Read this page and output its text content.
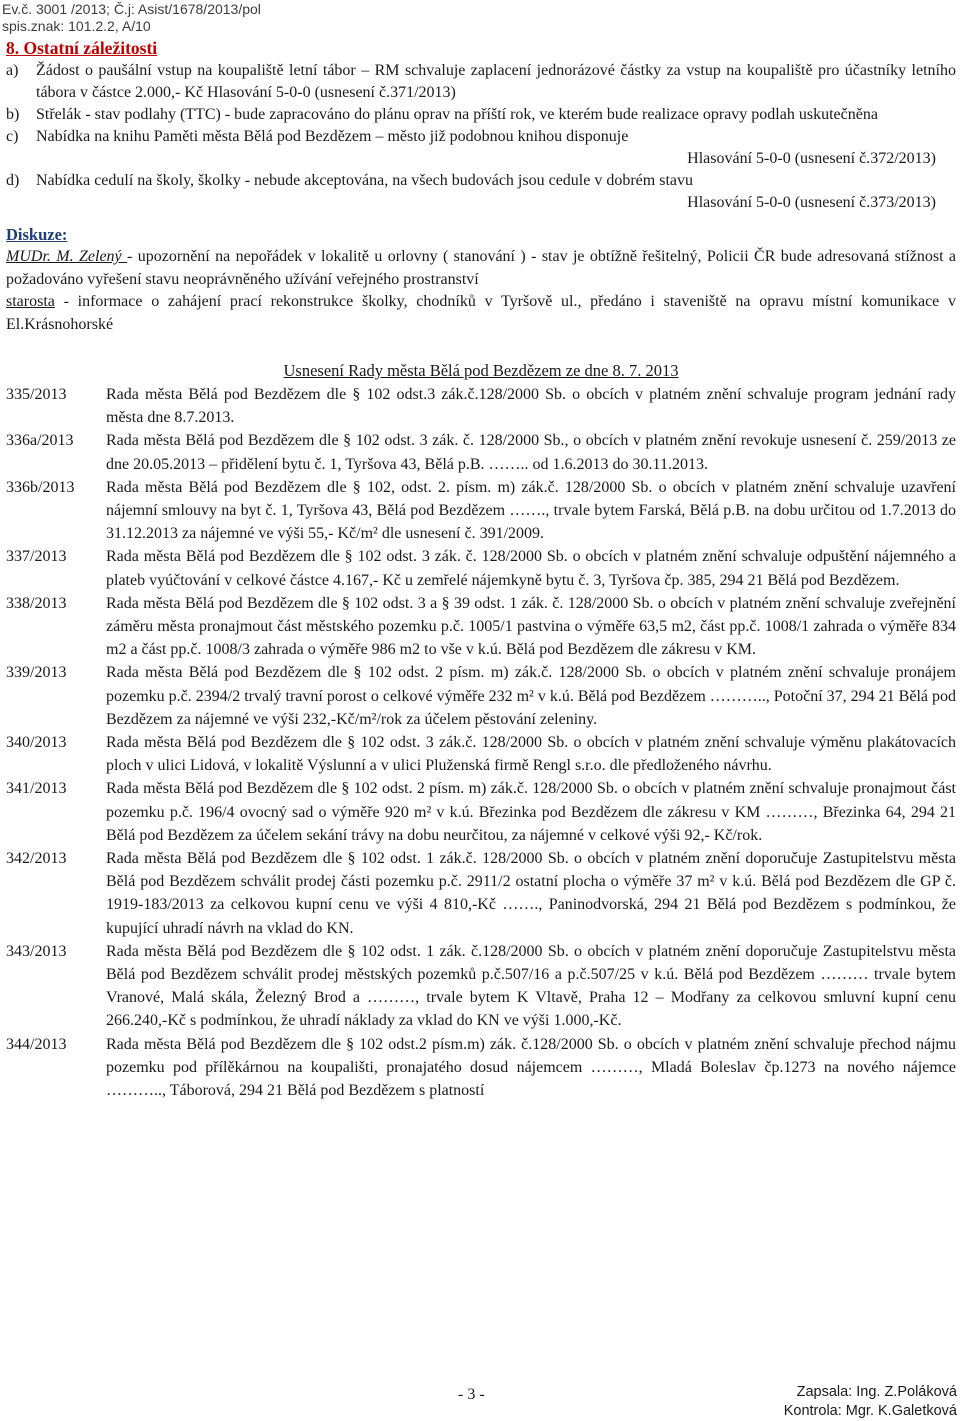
Ev.č. 3001 /2013; Č.j: Asist/1678/2013/pol
spis.znak: 101.2.2, A/10
8. Ostatní záležitosti
a)	Žádost o paušální vstup na koupaliště letní tábor – RM schvaluje zaplacení jednorázové částky za vstup na koupaliště pro účastníky letního tábora v částce 2.000,- Kč Hlasování 5-0-0 (usnesení č.371/2013)
b)	Střelák - stav podlahy (TTC) - bude zapracováno do plánu oprav na příští rok, ve kterém bude realizace opravy podlah uskutečněna
c)	Nabídka na knihu Paměti města Bělá pod Bezdězem – město již podobnou knihou disponuje
Hlasování 5-0-0 (usnesení č.372/2013)
d)	Nabídka cedulí na školy, školky - nebude akceptována, na všech budovách jsou cedule v dobrém stavu
Hlasování 5-0-0 (usnesení č.373/2013)
Diskuze:
MUDr. M. Zelený - upozornění na nepořádek v lokalitě u orlovny ( stanování ) - stav je obtížně řešitelný, Policii ČR bude adresovaná stížnost a požadováno vyřešení stavu neoprávněného užívání veřejného prostranství
starosta - informace o zahájení prací rekonstrukce školky, chodníků v Tyršově ul., předáno i staveniště na opravu místní komunikace v El.Krásnohorské
Usnesení Rady města Bělá pod Bezdězem ze dne 8. 7. 2013
335/2013	Rada města Bělá pod Bezdězem dle § 102 odst.3 zák.č.128/2000 Sb. o obcích v platném znění schvaluje program jednání rady města dne 8.7.2013.
336a/2013	Rada města Bělá pod Bezdězem dle § 102 odst. 3 zák. č. 128/2000 Sb., o obcích v platném znění revokuje usnesení č. 259/2013 ze dne 20.05.2013 – přidělení bytu č. 1, Tyršova 43, Bělá p.B. …….. od 1.6.2013 do 30.11.2013.
336b/2013	Rada města Bělá pod Bezdězem dle § 102, odst. 2. písm. m) zák.č. 128/2000 Sb. o obcích v platném znění schvaluje uzavření nájemní smlouvy na byt č. 1, Tyršova 43, Bělá pod Bezdězem ……., trvale bytem Farská, Bělá p.B. na dobu určitou od 1.7.2013 do 31.12.2013 za nájemné ve výši 55,- Kč/m² dle usnesení č. 391/2009.
337/2013	Rada města Bělá pod Bezdězem dle § 102 odst. 3 zák. č. 128/2000 Sb. o obcích v platném znění schvaluje odpuštění nájemného a plateb vyúčtování v celkové částce 4.167,- Kč u zemřelé nájemkyně bytu č. 3, Tyršova čp. 385, 294 21 Bělá pod Bezdězem.
338/2013	Rada města Bělá pod Bezdězem dle § 102 odst. 3 a § 39 odst. 1 zák. č. 128/2000 Sb. o obcích v platném znění schvaluje zveřejnění záměru města pronajmout část městského pozemku p.č. 1005/1 pastvina o výměře 63,5 m2, část pp.č. 1008/1 zahrada o výměře 834 m2 a část pp.č. 1008/3 zahrada o výměře 986 m2 to vše v k.ú. Bělá pod Bezdězem dle zákresu v KM.
339/2013	Rada města Bělá pod Bezdězem dle § 102 odst. 2 písm. m) zák.č. 128/2000 Sb. o obcích v platném znění schvaluje pronájem pozemku p.č. 2394/2 trvalý travní porost o celkové výměře 232 m² v k.ú. Bělá pod Bezdězem ……….., Potoční 37, 294 21 Bělá pod Bezdězem za nájemné ve výši 232,-Kč/m²/rok za účelem pěstování zeleniny.
340/2013	Rada města Bělá pod Bezdězem dle § 102 odst. 3 zák.č. 128/2000 Sb. o obcích v platném znění schvaluje výměnu plakátovacích ploch v ulici Lidová, v lokalitě Výslunní a v ulici Pluženská firmě Rengl s.r.o. dle předloženého návrhu.
341/2013	Rada města Bělá pod Bezdězem dle § 102 odst. 2 písm. m) zák.č. 128/2000 Sb. o obcích v platném znění schvaluje pronajmout část pozemku p.č. 196/4 ovocný sad o výměře 920 m² v k.ú. Březinka pod Bezdězem dle zákresu v KM ………, Březinka 64, 294 21 Bělá pod Bezdězem za účelem sekání trávy na dobu neurčitou, za nájemné v celkové výši 92,- Kč/rok.
342/2013	Rada města Bělá pod Bezdězem dle § 102 odst. 1 zák.č. 128/2000 Sb. o obcích v platném znění doporučuje Zastupitelstvu města Bělá pod Bezdězem schválit prodej části pozemku p.č. 2911/2 ostatní plocha o výměře 37 m² v k.ú. Bělá pod Bezdězem dle GP č. 1919-183/2013 za celkovou kupní cenu ve výši 4 810,-Kč ……., Paninodvorská, 294 21 Bělá pod Bezdězem s podmínkou, že kupující uhradí návrh na vklad do KN.
343/2013	Rada města Bělá pod Bezdězem dle § 102 odst. 1 zák. č.128/2000 Sb. o obcích v platném znění doporučuje Zastupitelstvu města Bělá pod Bezdězem schválit prodej městských pozemků p.č.507/16 a p.č.507/25 v k.ú. Bělá pod Bezdězem ……… trvale bytem Vranové, Malá skála, Železný Brod a ………, trvale bytem K Vltavě, Praha 12 – Modřany za celkovou smluvní kupní cenu 266.240,-Kč s podmínkou, že uhradí náklady za vklad do KN ve výši 1.000,-Kč.
344/2013	Rada města Bělá pod Bezdězem dle § 102 odst.2 písm.m) zák. č.128/2000 Sb. o obcích v platném znění schvaluje přechod nájmu pozemku pod přílěkárnou na koupališti, pronajatého dosud nájemcem ………, Mladá Boleslav čp.1273 na nového nájemce ……….., Táborová, 294 21 Bělá pod Bezdězem s platností
- 3 -	Zapsala: Ing. Z.Poláková
Kontrola: Mgr. K.Galetková
